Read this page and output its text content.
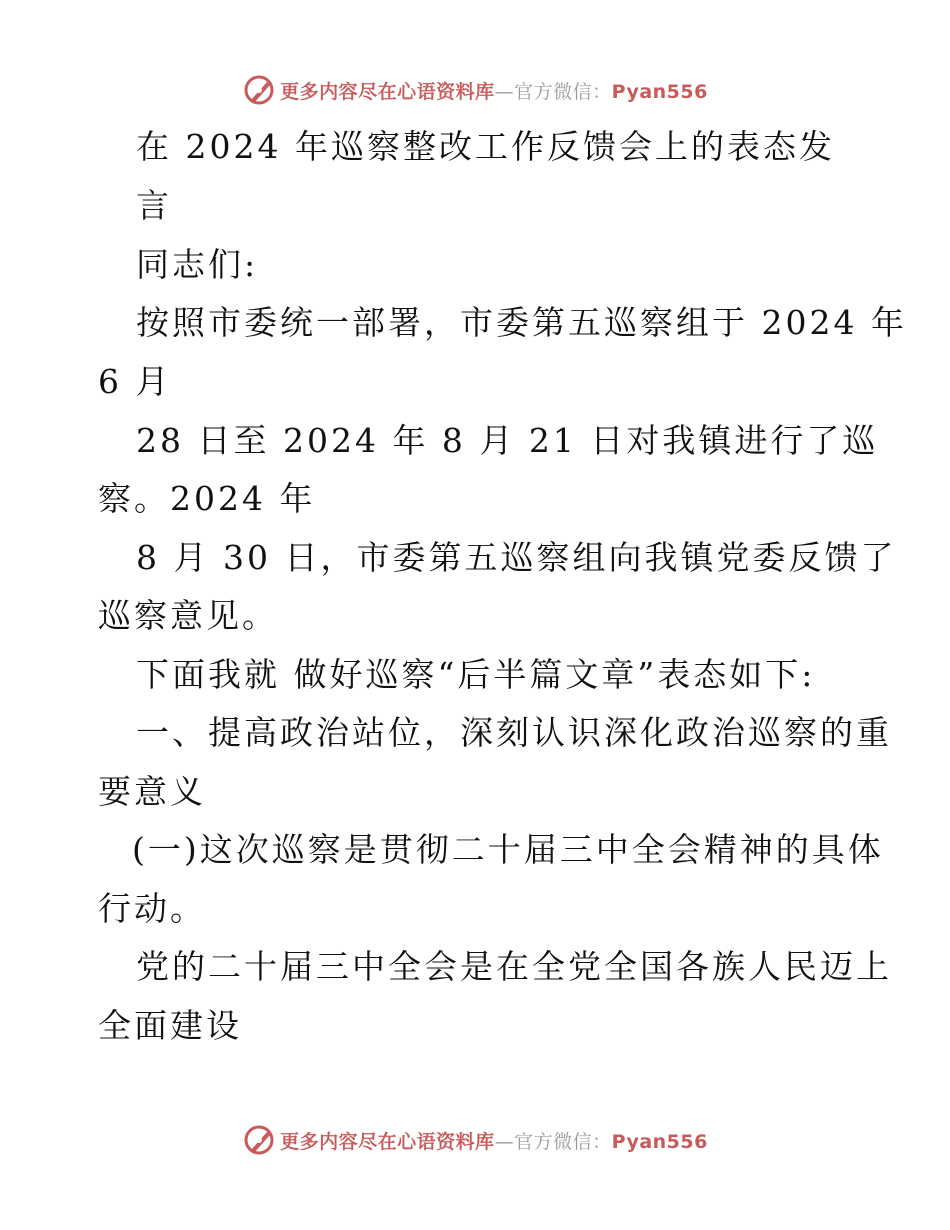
更多内容尽在心语资料库—官方微信：Pyan556
在 2024 年巡察整改工作反馈会上的表态发
言
同志们:
按照市委统一部署，市委第五巡察组于 2024 年
6 月
28 日至 2024 年 8 月 21 日对我镇进行了巡
察。2024 年
8 月 30 日，市委第五巡察组向我镇党委反馈了
巡察意见。
下面我就 做好巡察“后半篇文章”表态如下:
一、提高政治站位，深刻认识深化政治巡察的重
要意义
(一)这次巡察是贯彻二十届三中全会精神的具体
行动。
党的二十届三中全会是在全党全国各族人民迈上
全面建设
更多内容尽在心语资料库—官方微信：Pyan556
